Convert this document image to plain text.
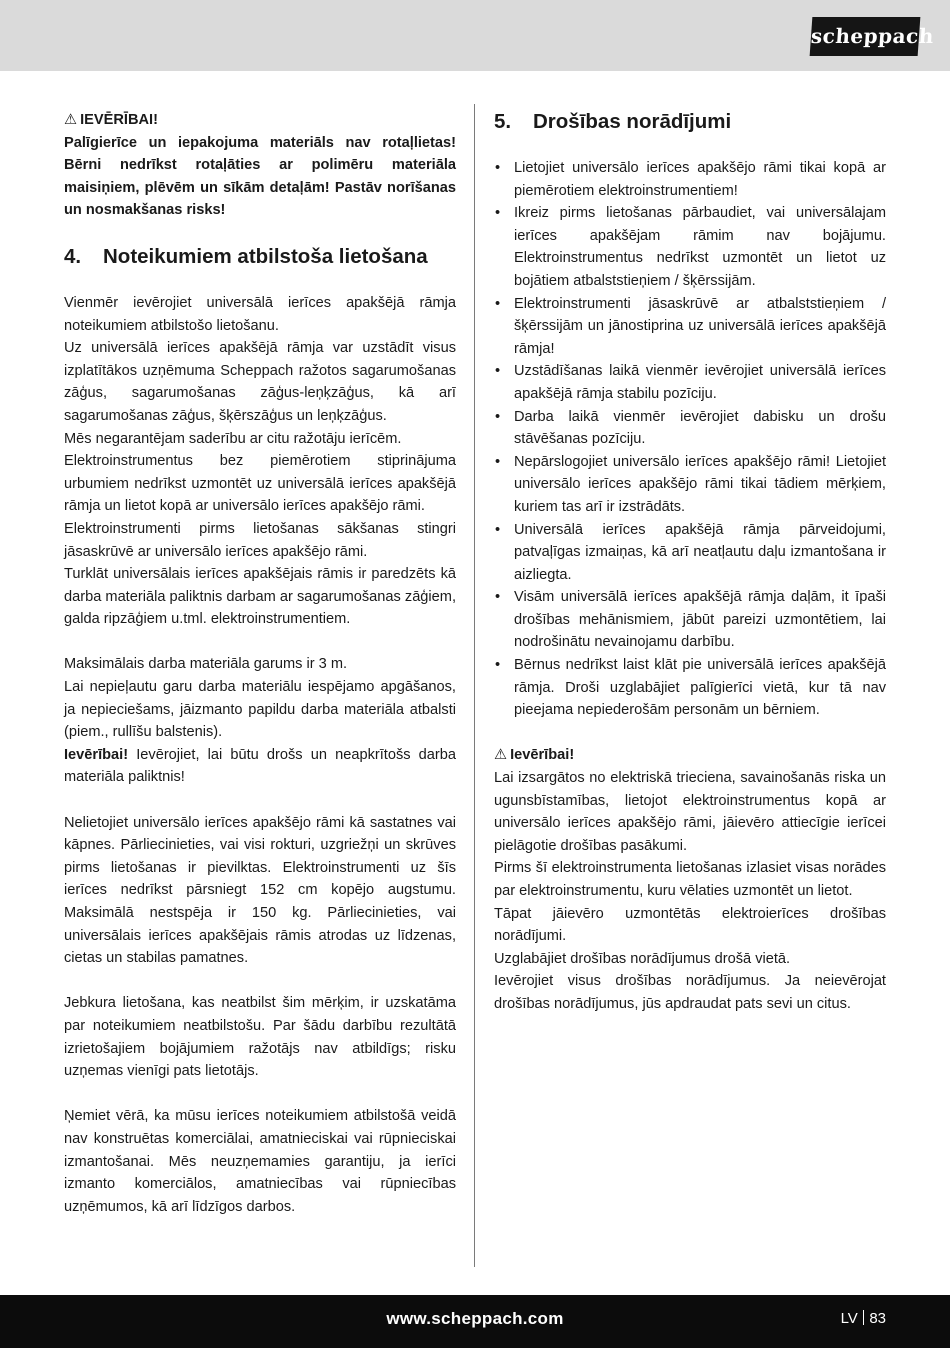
scheppach

⚠ IEVĒRĪBAI!

Palīgierīce un iepakojuma materiāls nav rotaļlietas! Bērni nedrīkst rotaļāties ar polimēru materiāla maisiņiem, plēvēm un sīkām detaļām! Pastāv norīšanas un nosmakšanas risks!

4.	Noteikumiem atbilstoša lietošana

Vienmēr ievērojiet universālā ierīces apakšējā rāmja noteikumiem atbilstošo lietošanu.

Uz universālā ierīces apakšējā rāmja var uzstādīt visus izplatītākos uzņēmuma Scheppach ražotos sagarumošanas zāģus, sagarumošanas zāģus-leņķzāģus, kā arī sagarumošanas zāģus, šķērszāģus un leņķzāģus.

Mēs negarantējam saderību ar citu ražotāju ierīcēm.

Elektroinstrumentus bez piemērotiem stiprinājuma urbumiem nedrīkst uzmontēt uz universālā ierīces apakšējā rāmja un lietot kopā ar universālo ierīces apakšējo rāmi.

Elektroinstrumenti pirms lietošanas sākšanas stingri jāsaskrūvē ar universālo ierīces apakšējo rāmi.

Turklāt universālais ierīces apakšējais rāmis ir paredzēts kā darba materiāla paliktnis darbam ar sagarumošanas zāģiem, galda ripzāģiem u.tml. elektroinstrumentiem.

Maksimālais darba materiāla garums ir 3 m.

Lai nepieļautu garu darba materiālu iespējamo apgāšanos, ja nepieciešams, jāizmanto papildu darba materiāla atbalsti (piem., rullīšu balstenis).

Ievērībai! Ievērojiet, lai būtu drošs un neapkrītošs darba materiāla paliktnis!

Nelietojiet universālo ierīces apakšējo rāmi kā sastatnes vai kāpnes. Pārliecinieties, vai visi rokturi, uzgriežņi un skrūves pirms lietošanas ir pievilktas. Elektroinstrumenti uz šīs ierīces nedrīkst pārsniegt 152 cm kopējo augstumu. Maksimālā nestspēja ir 150 kg. Pārliecinieties, vai universālais ierīces apakšējais rāmis atrodas uz līdzenas, cietas un stabilas pamatnes.

Jebkura lietošana, kas neatbilst šim mērķim, ir uzskatāma par noteikumiem neatbilstošu. Par šādu darbību rezultātā izrietošajiem bojājumiem ražotājs nav atbildīgs; risku uzņemas vienīgi pats lietotājs.

Ņemiet vērā, ka mūsu ierīces noteikumiem atbilstošā veidā nav konstruētas komerciālai, amatnieciskai vai rūpnieciskai izmantošanai. Mēs neuzņemamies garantiju, ja ierīci izmanto komerciālos, amatniecības vai rūpniecības uzņēmumos, kā arī līdzīgos darbos.

5.	Drošības norādījumi
• Lietojiet universālo ierīces apakšējo rāmi tikai kopā ar piemērotiem elektroinstrumentiem!
• Ikreiz pirms lietošanas pārbaudiet, vai universālajam ierīces apakšējam rāmim nav bojājumu. Elektroinstrumentus nedrīkst uzmontēt un lietot uz bojātiem atbalststieņiem / šķērssijām.
• Elektroinstrumenti jāsaskrūvē ar atbalststieņiem / šķērssijām un jānostiprina uz universālā ierīces apakšējā rāmja!
• Uzstādīšanas laikā vienmēr ievērojiet universālā ierīces apakšējā rāmja stabilu pozīciju.
• Darba laikā vienmēr ievērojiet dabisku un drošu stāvēšanas pozīciju.
• Nepārslogojiet universālo ierīces apakšējo rāmi! Lietojiet universālo ierīces apakšējo rāmi tikai tādiem mērķiem, kuriem tas arī ir izstrādāts.
• Universālā ierīces apakšējā rāmja pārveidojumi, patvaļīgas izmaiņas, kā arī neatļautu daļu izmantošana ir aizliegta.
• Visām universālā ierīces apakšējā rāmja daļām, it īpaši drošības mehānismiem, jābūt pareizi uzmontētiem, lai nodrošinātu nevainojamu darbību.
• Bērnus nedrīkst laist klāt pie universālā ierīces apakšējā rāmja. Droši uzglabājiet palīgierīci vietā, kur tā nav pieejama nepiederošām personām un bērniem.

⚠ Ievērībai!

Lai izsargātos no elektriskā trieciena, savainošanās riska un ugunsbīstamības, lietojot elektroinstrumentus kopā ar universālo ierīces apakšējo rāmi, jāievēro attiecīgie ierīcei pielāgotie drošības pasākumi.

Pirms šī elektroinstrumenta lietošanas izlasiet visas norādes par elektroinstrumentu, kuru vēlaties uzmontēt un lietot.

Tāpat jāievēro uzmontētās elektroierīces drošības norādījumi.

Uzglabājiet drošības norādījumus drošā vietā.

Ievērojiet visus drošības norādījumus. Ja neievērojat drošības norādījumus, jūs apdraudat pats sevi un citus.

www.scheppach.com	LV 83
